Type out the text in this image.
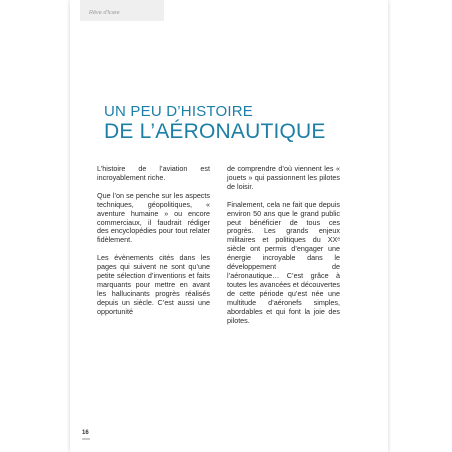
Rêve d'Icare
UN PEU D’HISTOIRE
DE L’AÉRONAUTIQUE

L’histoire de l’aviation est incroyablement riche.

Que l’on se penche sur les aspects techniques, géopolitiques, « aventure humaine » ou encore commerciaux, il faudrait rédiger des encyclopédies pour tout relater fidèlement.

Les évènements cités dans les pages qui suivent ne sont qu’une petite sélection d’inventions et faits marquants pour mettre en avant les hallucinants progrès réalisés depuis un siècle. C’est aussi une opportunité

de comprendre d’où viennent les « jouets » qui passionnent les pilotes de loisir.

Finalement, cela ne fait que depuis environ 50 ans que le grand public peut bénéficier de tous ces progrès. Les grands enjeux militaires et politiques du XXᵉ siècle ont permis d’engager une énergie incroyable dans le développement de l’aéronautique… C’est grâce à toutes les avancées et découvertes de cette période qu’est née une multitude d’aéronefs simples, abordables et qui font la joie des pilotes.

16
